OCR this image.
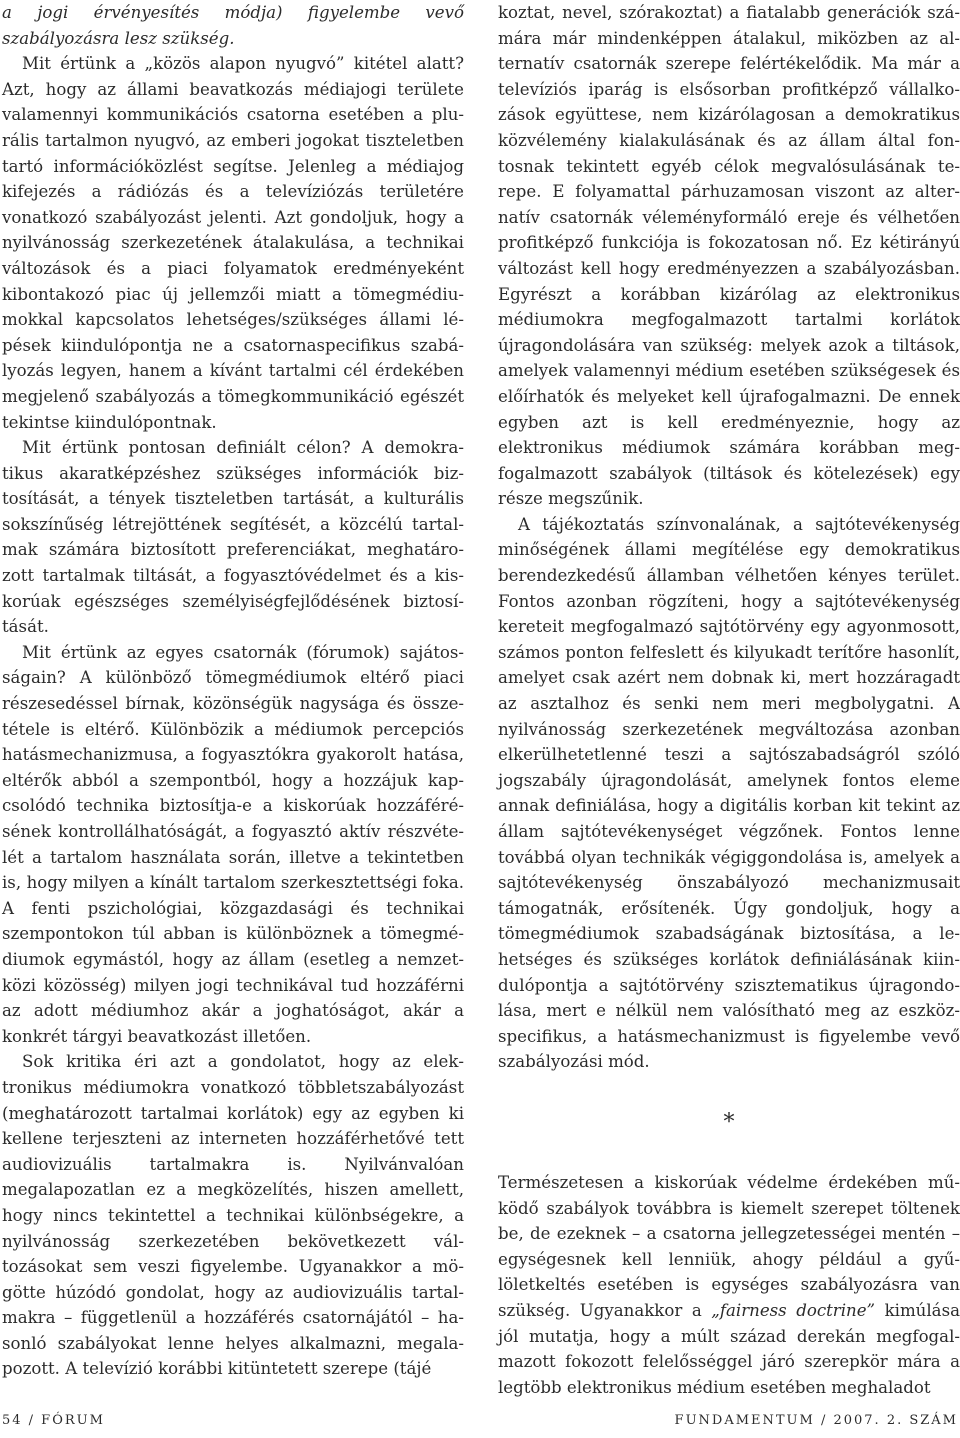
a jogi érvényesítés módja) figyelembe vevő szabályozásra lesz szükség.

Mit értünk a „közös alapon nyugvó” kitétel alatt? Azt, hogy az állami beavatkozás médiajogi területe valamennyi kommunikációs csatorna esetében a plurális tartalmon nyugvó, az emberi jogokat tiszteletben tartó információközlést segítse. Jelenleg a médiajog kifejezés a rádiózás és a televíziózás területére vonatkozó szabályozást jelenti. Azt gondoljuk, hogy a nyilvánosság szerkezetének átalakulása, a technikai változások és a piaci folyamatok eredményeként kibontakozó piac új jellemzői miatt a tömegmédiumokkal kapcsolatos lehetséges/szükséges állami lépések kiindulópontja ne a csatornaspecifikus szabályozás legyen, hanem a kívánt tartalmi cél érdekében megjelenő szabályozás a tömegkommunikáció egészét tekintse kiindulópontnak.

Mit értünk pontosan definiált célon? A demokratikus akaratképzéshez szükséges információk biztosítását, a tények tiszteletben tartását, a kulturális sokszínűség létrejöttének segítését, a közcélú tartalmak számára biztosított preferenciákat, meghatározott tartalmak tiltását, a fogyasztóvédelmet és a kiskorúak egészséges személyiségfejlődésének biztosítását.

Mit értünk az egyes csatornák (fórumok) sajátosságain? A különböző tömegmédiumok eltérő piaci részesedéssel bírnak, közönségük nagysága és összetétele is eltérő. Különbözik a médiumok percepciós hatásmechanizmusa, a fogyasztókra gyakorolt hatása, eltérők abból a szempontból, hogy a hozzájuk kapcsolódó technika biztosítja-e a kiskorúak hozzáférésének kontrollálhatóságát, a fogyasztó aktív részvételét a tartalom használata során, illetve a tekintetben is, hogy milyen a kínált tartalom szerkesztettségi foka. A fenti pszichológiai, közgazdasági és technikai szempontokon túl abban is különböznek a tömegmédiumok egymástól, hogy az állam (esetleg a nemzetközi közösség) milyen jogi technikával tud hozzáférni az adott médiumhoz akár a joghatóságot, akár a konkrét tárgyi beavatkozást illetően.

Sok kritika éri azt a gondolatot, hogy az elektronikus médiumokra vonatkozó többletszabályozást (meghatározott tartalmai korlátok) egy az egyben ki kellene terjeszteni az interneten hozzáférhetővé tett audiovizuális tartalmakra is. Nyilvánvalóan megalapozatlan ez a megközelítés, hiszen amellett, hogy nincs tekintettel a technikai különbségekre, a nyilvánosság szerkezetében bekövetkezett változásokat sem veszi figyelembe. Ugyanakkor a mögötte húzódó gondolat, hogy az audiovizuális tartalmakra – függetlenül a hozzáférés csatornájától – hasonló szabályokat lenne helyes alkalmazni, megalapozott. A televízió korábbi kitüntetett szerepe (tájé

koztat, nevel, szórakoztat) a fiatalabb generációk számára már mindenképpen átalakul, miközben az alternatív csatornák szerepe felértékelődik. Ma már a televíziós iparág is elsősorban profitképző vállalkozások együttese, nem kizárólagosan a demokratikus közvélemény kialakulásának és az állam által fontosnak tekintett egyéb célok megvalósulásának terepe. E folyamattal párhuzamosan viszont az alternatív csatornák véleményformáló ereje és vélhetően profitképző funkciója is fokozatosan nő. Ez kétirányú változást kell hogy eredményezzen a szabályozásban. Egyrészt a korábban kizárólag az elektronikus médiumokra megfogalmazott tartalmi korlátok újragondolására van szükség: melyek azok a tiltások, amelyek valamennyi médium esetében szükségesek és előírhatók és melyeket kell újrafogalmazni. De ennek egyben azt is kell eredményeznie, hogy az elektronikus médiumok számára korábban megfogalmazott szabályok (tiltások és kötelezések) egy része megszűnik.

A tájékoztatás színvonalának, a sajtótevékenység minőségének állami megítélése egy demokratikus berendezkedésű államban vélhetően kényes terület. Fontos azonban rögzíteni, hogy a sajtótevékenység kereteit megfogalmazó sajtótörvény egy agyonmosott, számos ponton felfeslett és kilyukadt terítőre hasonlít, amelyet csak azért nem dobnak ki, mert hozzáragadt az asztalhoz és senki nem meri megbolygatni. A nyilvánosság szerkezetének megváltozása azonban elkerülhetetlenné teszi a sajtószabadságról szóló jogszabály újragondolását, amelynek fontos eleme annak definiálása, hogy a digitális korban kit tekint az állam sajtótevékenységet végzőnek. Fontos lenne továbbá olyan technikák végiggondolása is, amelyek a sajtótevékenység önszabályozó mechanizmusait támogatnák, erősítenék. Úgy gondoljuk, hogy a tömegmédiumok szabadságának biztosítása, a lehetséges és szükséges korlátok definiálásának kiindulópontja a sajtótörvény szisztematikus újragondolása, mert e nélkül nem valósítható meg az eszközspecifikus, a hatásmechanizmust is figyelembe vevő szabályozási mód.

*

Természetesen a kiskorúak védelme érdekében működő szabályok továbbra is kiemelt szerepet töltenek be, de ezeknek – a csatorna jellegzetességei mentén – egységesnek kell lenniük, ahogy például a gyűlöletkeltés esetében is egységes szabályozásra van szükség. Ugyanakkor a „fairness doctrine” kimúlása jól mutatja, hogy a múlt század derekán megfogalmazott fokozott felelősséggel járó szerepkör mára a legtöbb elektronikus médium esetében meghaladot

54 / FÓRUM	FUNDAMENTUM / 2007. 2. SZÁM
